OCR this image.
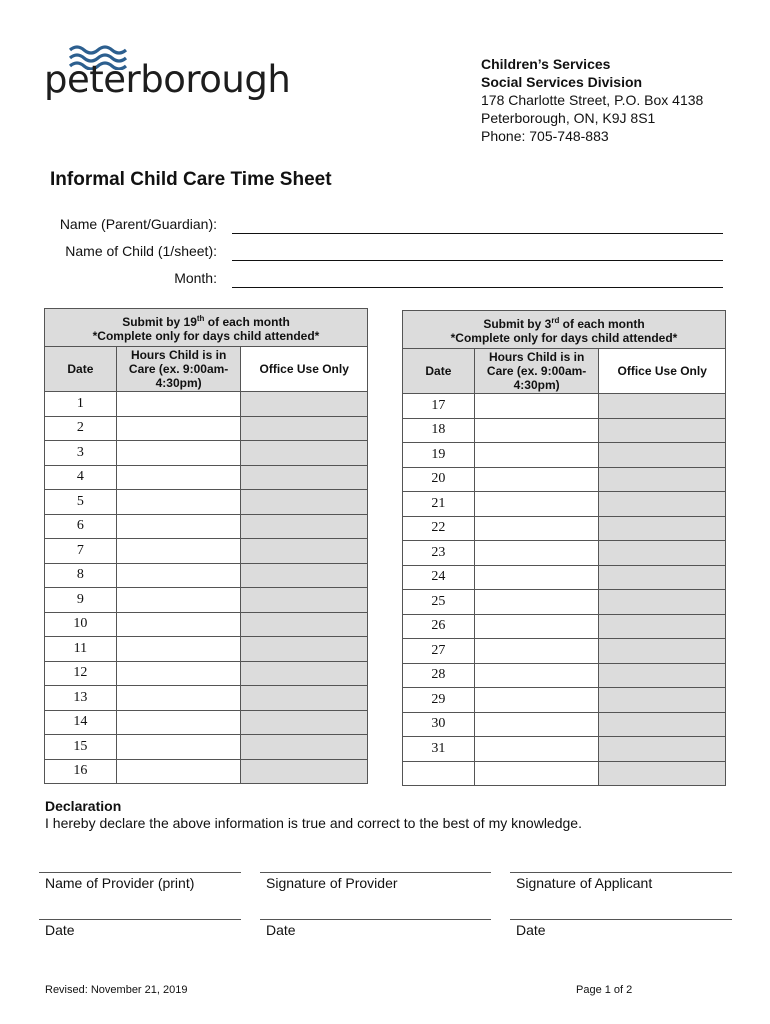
peterborough	Children’s Services
Social Services Division
178 Charlotte Street, P.O. Box 4138
Peterborough, ON, K9J 8S1
Phone: 705-748-883
Informal Child Care Time Sheet
Name (Parent/Guardian):
Name of Child (1/sheet):
Month:
Submit by 19th of each month
*Complete only for days child attended*		
Date	Hours Child is in Care (ex. 9:00am-4:30pm)	Office Use Only
1		
2		
3		
4		
5		
6		
7		
8		
9		
10		
11		
12		
13		
14		
15		
16		
Submit by 3rd of each month
*Complete only for days child attended*		
Date	Hours Child is in Care (ex. 9:00am-4:30pm)	Office Use Only
17		
18		
19		
20		
21		
22		
23		
24		
25		
26		
27		
28		
29		
30		
31		

Declaration
I hereby declare the above information is true and correct to the best of my knowledge.
Name of Provider (print)	Signature of Provider	Signature of Applicant
Date	Date	Date
Revised: November 21, 2019	Page 1 of 2
